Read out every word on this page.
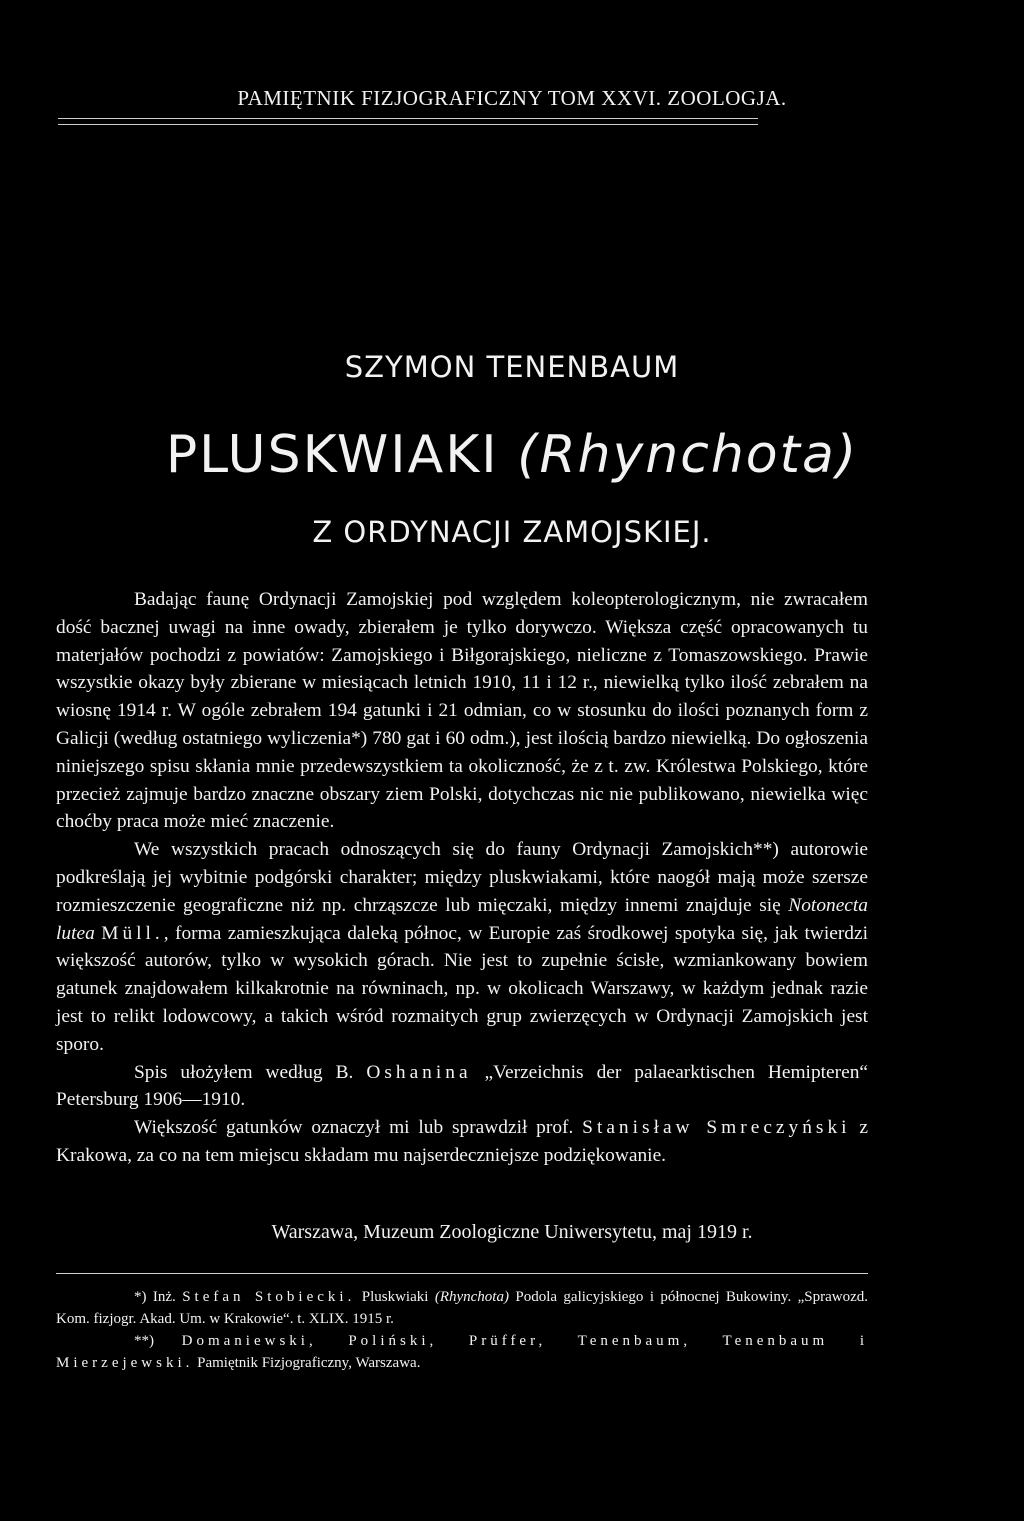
PAMIĘTNIK FIZJOGRAFICZNY TOM XXVI. ZOOLOGJA.
SZYMON TENENBAUM
PLUSKWIAKI (Rhynchota)
Z ORDYNACJI ZAMOJSKIEJ.

Badając faunę Ordynacji Zamojskiej pod względem koleopterologicznym, nie zwracałem dość bacznej uwagi na inne owady, zbierałem je tylko dorywczo. Większa część opracowanych tu materjałów pochodzi z powiatów: Zamojskiego i Biłgorajskiego, nieliczne z Tomaszowskiego. Prawie wszystkie okazy były zbierane w miesiącach letnich 1910, 11 i 12 r., niewielką tylko ilość zebrałem na wiosnę 1914 r. W ogóle zebrałem 194 gatunki i 21 odmian, co w stosunku do ilości poznanych form z Galicji (według ostatniego wyliczenia*) 780 gat i 60 odm.), jest ilością bardzo niewielką. Do ogłoszenia niniejszego spisu skłania mnie przedewszystkiem ta okoliczność, że z t. zw. Królestwa Polskiego, które przecież zajmuje bardzo znaczne obszary ziem Polski, dotychczas nic nie publikowano, niewielka więc choćby praca może mieć znaczenie.

We wszystkich pracach odnoszących się do fauny Ordynacji Zamojskich**) autorowie podkreślają jej wybitnie podgórski charakter; między pluskwiakami, które naogół mają może szersze rozmieszczenie geograficzne niż np. chrząszcze lub mięczaki, między innemi znajduje się Notonecta lutea Müll., forma zamieszkująca daleką północ, w Europie zaś środkowej spotyka się, jak twierdzi większość autorów, tylko w wysokich górach. Nie jest to zupełnie ścisłe, wzmiankowany bowiem gatunek znajdowałem kilkakrotnie na równinach, np. w okolicach Warszawy, w każdym jednak razie jest to relikt lodowcowy, a takich wśród rozmaitych grup zwierzęcych w Ordynacji Zamojskich jest sporo.

Spis ułożyłem według B. Oshanina „Verzeichnis der palaearktischen Hemipteren“ Petersburg 1906—1910.

Większość gatunków oznaczył mi lub sprawdził prof. Stanisław Smreczyński z Krakowa, za co na tem miejscu składam mu najserdeczniejsze podziękowanie.

Warszawa, Muzeum Zoologiczne Uniwersytetu, maj 1919 r.

*) Inż. Stefan Stobiecki. Pluskwiaki (Rhynchota) Podola galicyjskiego i północnej Bukowiny. „Sprawozd. Kom. fizjogr. Akad. Um. w Krakowie“. t. XLIX. 1915 r.

**) Domaniewski, Poliński, Prüffer, Tenenbaum, Tenenbaum i Mierzejewski. Pamiętnik Fizjograficzny, Warszawa.
